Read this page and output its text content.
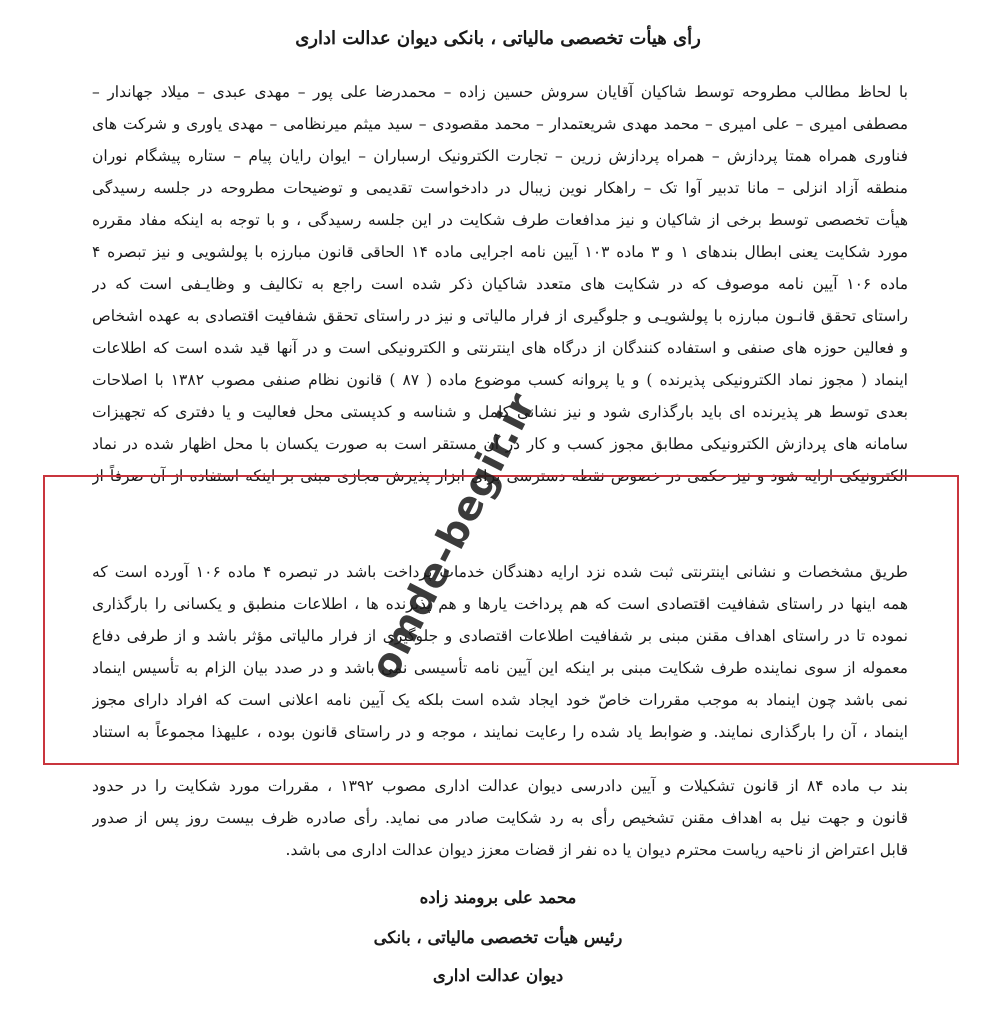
رأی هیأت تخصصی مالیاتی ، بانکی دیوان عدالت اداری
با لحاظ مطالب مطروحه توسط شاکیان آقایان سروش حسین زاده – محمدرضا علی پور – مهدی عبدی – میلاد جهاندار –
مصطفی امیری – علی امیری – محمد مهدی شریعتمدار – محمد مقصودی – سید میثم میرنظامی – مهدی یاوری و شرکت های
فناوری همراه همتا پردازش – همراه پردازش زرین – تجارت الکترونیک ارسباران – ایوان رایان پیام – ستاره پیشگام نوران
منطقه آزاد انزلی – مانا تدبیر آوا تک – راهکار نوین زیبال در دادخواست تقدیمی و توضیحات مطروحه در جلسه رسیدگی
هیأت تخصصی توسط برخی از شاکیان و نیز مدافعات طرف شکایت در این جلسه رسیدگی ، و با توجه به اینکه مفاد مقرره
مورد شکایت یعنی ابطال بندهای ۱ و ۳ ماده ۱۰۳ آیین نامه اجرایی ماده ۱۴ الحاقی قانون مبارزه با پولشویی و نیز تبصره ۴
ماده ۱۰۶ آیین نامه موصوف که در شکایت های متعدد شاکیان ذکر شده است راجع به تکالیف و وظایـفی است که در
راستای تحقق قانـون مبارزه با پولشویـی و جلوگیری از فرار مالیاتی و نیز در راستای تحقق شفافیت اقتصادی به عهده اشخاص
و فعالین حوزه های صنفی و استفاده کنندگان از درگاه های اینترنتی و الکترونیکی است و در آنها قید شده است که اطلاعات
اینماد ( مجوز نماد الکترونیکی پذیرنده ) و یا پروانه کسب موضوع ماده ( ۸۷ ) قانون نظام صنفی مصوب ۱۳۸۲ با اصلاحات
بعدی توسط هر پذیرنده ای باید بارگذاری شود و نیز نشانی کامل و شناسه و کدپستی محل فعالیت و یا دفتری که تجهیزات
سامانه های پردازش الکترونیکی مطابق مجوز کسب و کار در آن مستقر است به صورت یکسان با محل اظهار شده در نماد
الکترونیکی ارایه شود و نیز حکمی در خصوص نقطه دسترسی برای ابزار پذیرش مجازی مبنی بر اینکه استفاده از آن صرفاً از
طریق مشخصات و نشانی اینترنتی ثبت شده نزد ارایه دهندگان خدمات پرداخت باشد در تبصره ۴ ماده ۱۰۶ آورده است که
همه اینها در راستای شفافیت اقتصادی است که هم پرداخت یارها و هم پذیرنده ها ، اطلاعات منطبق و یکسانی را بارگذاری
نموده تا در راستای اهداف مقنن مبنی بر شفافیت اطلاعات اقتصادی و جلوگیری از فرار مالیاتی مؤثر باشد و از طرفی دفاع
معموله از سوی نماینده طرف شکایت مبنی بر اینکه این آیین نامه تأسیسی نمی باشد و در صدد بیان الزام به تأسیس اینماد
نمی باشد چون اینماد به موجب مقررات خاصّ خود ایجاد شده است بلکه یک آیین نامه اعلانی است که افراد دارای مجوز
اینماد ، آن را بارگذاری نمایند. و ضوابط یاد شده را رعایت نمایند ، موجه و در راستای قانون بوده ، علیهذا مجموعاً به استناد
بند ب ماده ۸۴ از قانون تشکیلات و آیین دادرسی دیوان عدالت اداری مصوب ۱۳۹۲ ، مقررات مورد شکایت را در حدود
قانون و جهت نیل به اهداف مقنن تشخیص رأی به رد شکایت صادر می نماید. رأی صادره ظرف بیست روز پس از صدور
قابل اعتراض از ناحیه ریاست محترم دیوان یا ده نفر از قضات معزز دیوان عدالت اداری می باشد.
omde-begir.ir
محمد علی برومند زاده
رئیس هیأت تخصصی مالیاتی ، بانکی
دیوان عدالت اداری
